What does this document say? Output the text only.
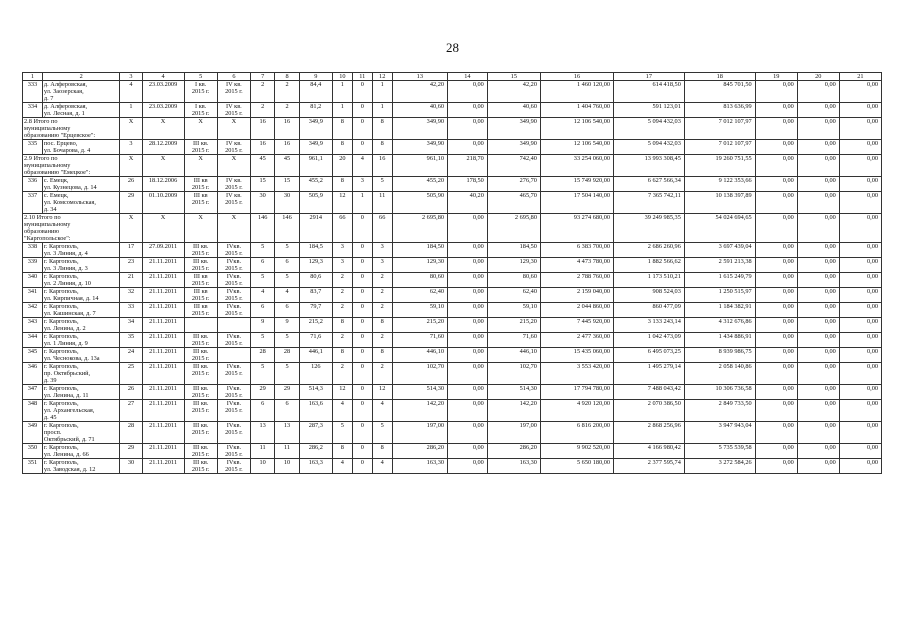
28
1	2	3	4	5	6	7	8	9	10	11	12	13	14	15	16	17	18	19	20	21
333	д. Алферовская,
ул. Заозерская,
д. 7	4	23.03.2009	I кв.
2015 г.	IV кв.
2015 г.	2	2	84,4	1	0	1	42,20	0,00	42,20	1 460 120,00	614 418,50	845 701,50	0,00	0,00	0,00
334	д. Алферовская,
ул. Лесная, д. 1	1	23.03.2009	I кв.
2015 г.	IV кв.
2015 г.	2	2	81,2	1	0	1	40,60	0,00	40,60	1 404 760,00	591 123,01	813 636,99	0,00	0,00	0,00
2.8 Итого по
муниципальному
образованию "Ерцевское":		X	X	X	X	16	16	349,9	8	0	8	349,90	0,00	349,90	12 106 540,00	5 094 432,03	7 012 107,97	0,00	0,00	0,00
335	пос. Ерцево,
ул. Бочарова, д. 4	3	28.12.2009	III кв.
2015 г.	IV кв.
2015 г.	16	16	349,9	8	0	8	349,90	0,00	349,90	12 106 540,00	5 094 432,03	7 012 107,97	0,00	0,00	0,00
2.9 Итого по
муниципальному
образованию "Емецкое":		X	X	X	X	45	45	961,1	20	4	16	961,10	218,70	742,40	33 254 060,00	13 993 308,45	19 260 751,55	0,00	0,00	0,00
336	с. Емецк,
ул. Кузнецова, д. 14	26	18.12.2006	III кв
2015 г.	IV кв.
2015 г.	15	15	455,2	8	3	5	455,20	178,50	276,70	15 749 920,00	6 627 566,34	9 122 353,66	0,00	0,00	0,00
337	с. Емецк,
ул. Комсомольская,
д. 34	29	01.10.2009	III кв
2015 г.	IV кв.
2015 г.	30	30	505,9	12	1	11	505,90	40,20	465,70	17 504 140,00	7 365 742,11	10 138 397,89	0,00	0,00	0,00
2.10 Итого по
муниципальному
образованию
"Каргопольское":		X	X	X	X	146	146	2914	66	0	66	2 695,80	0,00	2 695,80	93 274 680,00	39 249 985,35	54 024 694,65	0,00	0,00	0,00
338	г. Каргополь,
ул. 3 Линия, д. 4	17	27.09.2011	III кв.
2015 г.	IVкв.
2015 г.	5	5	184,5	3	0	3	184,50	0,00	184,50	6 383 700,00	2 686 260,96	3 697 439,04	0,00	0,00	0,00
339	г. Каргополь,
ул. 3 Линия, д. 3	23	21.11.2011	III кв.
2015 г.	IVкв.
2015 г.	6	6	129,3	3	0	3	129,30	0,00	129,30	4 473 780,00	1 882 566,62	2 591 213,38	0,00	0,00	0,00
340	г. Каргополь,
ул. 2 Линия, д. 10	21	21.11.2011	III кв
2015 г.	IVкв.
2015 г.	5	5	80,6	2	0	2	80,60	0,00	80,60	2 788 760,00	1 173 510,21	1 615 249,79	0,00	0,00	0,00
341	г. Каргополь,
ул. Кирпичная, д. 14	32	21.11.2011	III кв
2015 г.	IVкв.
2015 г.	4	4	83,7	2	0	2	62,40	0,00	62,40	2 159 040,00	908 524,03	1 250 515,97	0,00	0,00	0,00
342	г. Каргополь,
ул. Кашинская, д. 7	33	21.11.2011	III кв
2015 г.	IVкв.
2015 г.	6	6	79,7	2	0	2	59,10	0,00	59,10	2 044 860,00	860 477,09	1 184 382,91	0,00	0,00	0,00
343	г. Каргополь,
ул. Ленина, д. 2	34	21.11.2011			9	9	215,2	8	0	8	215,20	0,00	215,20	7 445 920,00	3 133 243,14	4 312 676,86	0,00	0,00	0,00
344	г. Каргополь,
ул. 1 Линия, д. 9	35	21.11.2011	III кв.
2015 г.	IVкв.
2015 г.	5	5	71,6	2	0	2	71,60	0,00	71,60	2 477 360,00	1 042 473,09	1 434 886,91	0,00	0,00	0,00
345	г. Каргополь,
ул. Чеснокова, д. 13а	24	21.11.2011	III кв.
2015 г.		28	28	446,1	8	0	8	446,10	0,00	446,10	15 435 060,00	6 495 073,25	8 939 986,75	0,00	0,00	0,00
346	г. Каргополь,
пр. Октябрьский,
д. 39	25	21.11.2011	III кв.
2015 г.	IVкв.
2015 г.	5	5	126	2	0	2	102,70	0,00	102,70	3 553 420,00	1 495 279,14	2 058 140,86	0,00	0,00	0,00
347	г. Каргополь,
ул. Ленина, д. 11	26	21.11.2011	III кв.
2015 г.	IVкв.
2015 г.	29	29	514,3	12	0	12	514,30	0,00	514,30	17 794 780,00	7 488 043,42	10 306 736,58	0,00	0,00	0,00
348	г. Каргополь,
ул. Архангельская,
д. 45	27	21.11.2011	III кв.
2015 г.	IVкв.
2015 г.	6	6	163,6	4	0	4	142,20	0,00	142,20	4 920 120,00	2 070 386,50	2 849 733,50	0,00	0,00	0,00
349	г. Каргополь,
просп.
Октябрьский, д. 71	28	21.11.2011	III кв.
2015 г.	IVкв.
2015 г.	13	13	287,3	5	0	5	197,00	0,00	197,00	6 816 200,00	2 868 256,96	3 947 943,04	0,00	0,00	0,00
350	г. Каргополь,
ул. Ленина, д. 66	29	21.11.2011	III кв.
2015 г.	IVкв.
2015 г.	11	11	286,2	8	0	8	286,20	0,00	286,20	9 902 520,00	4 166 980,42	5 735 539,58	0,00	0,00	0,00
351	г. Каргополь,
ул. Заводская, д. 12	30	21.11.2011	III кв.
2015 г.	IVкв.
2015 г.	10	10	163,3	4	0	4	163,30	0,00	163,30	5 650 180,00	2 377 595,74	3 272 584,26	0,00	0,00	0,00
